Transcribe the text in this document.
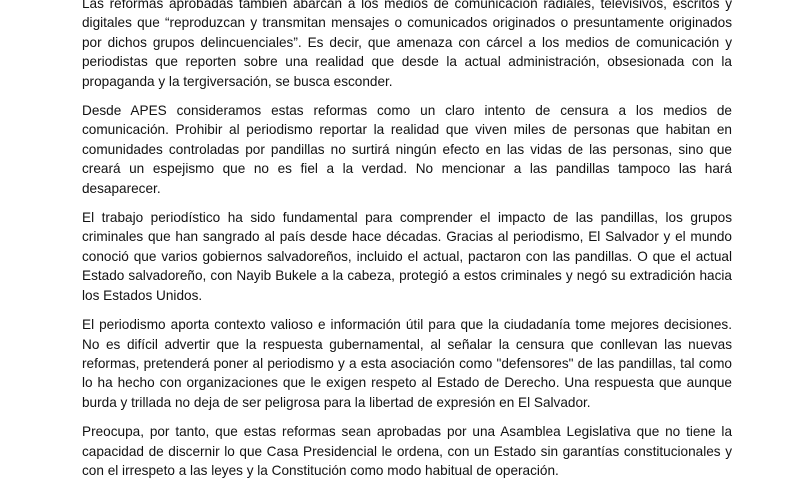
Las reformas aprobadas también abarcan a los medios de comunicación radiales, televisivos, escritos y digitales que “reproduzcan y transmitan mensajes o comunicados originados o presuntamente originados por dichos grupos delincuenciales”. Es decir, que amenaza con cárcel a los medios de comunicación y periodistas que reporten sobre una realidad que desde la actual administración, obsesionada con la propaganda y la tergiversación, se busca esconder.

Desde APES consideramos estas reformas como un claro intento de censura a los medios de comunicación. Prohibir al periodismo reportar la realidad que viven miles de personas que habitan en comunidades controladas por pandillas no surtirá ningún efecto en las vidas de las personas, sino que creará un espejismo que no es fiel a la verdad. No mencionar a las pandillas tampoco las hará desaparecer.

El trabajo periodístico ha sido fundamental para comprender el impacto de las pandillas, los grupos criminales que han sangrado al país desde hace décadas. Gracias al periodismo, El Salvador y el mundo conoció que varios gobiernos salvadoreños, incluido el actual, pactaron con las pandillas. O que el actual Estado salvadoreño, con Nayib Bukele a la cabeza, protegió a estos criminales y negó su extradición hacia los Estados Unidos.

El periodismo aporta contexto valioso e información útil para que la ciudadanía tome mejores decisiones. No es difícil advertir que la respuesta gubernamental, al señalar la censura que conllevan las nuevas reformas, pretenderá poner al periodismo y a esta asociación como "defensores" de las pandillas, tal como lo ha hecho con organizaciones que le exigen respeto al Estado de Derecho. Una respuesta que aunque burda y trillada no deja de ser peligrosa para la libertad de expresión en El Salvador.

Preocupa, por tanto, que estas reformas sean aprobadas por una Asamblea Legislativa que no tiene la capacidad de discernir lo que Casa Presidencial le ordena, con un Estado sin garantías constitucionales y con el irrespeto a las leyes y la Constitución como modo habitual de operación.
